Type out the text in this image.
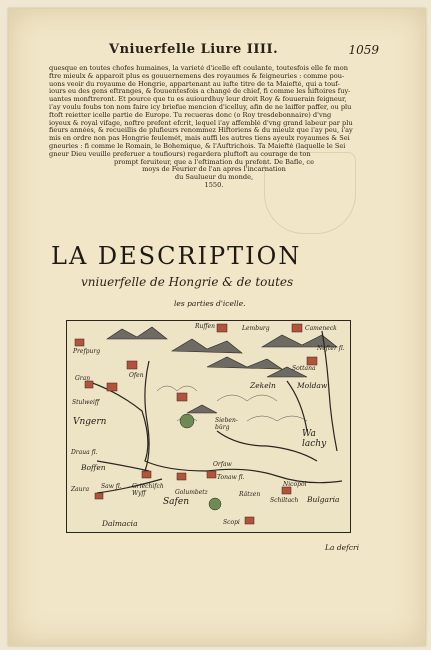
Vniuerfelle Liure IIII.	1059
quesque en toutes chofes humaines, la varieté d'icelle eft coulante, toutesfois elle fe mon
ftre mieulx & apparoit plus es gouuernemens des royaumes & feigneuries : comme pou-
uons veoir du royaume de Hongrie, appartenant au iufte titre de ta Maiefté, qui a touf-
iours eu des gens eftranges, & fouuentesfois a changé de chief, fi comme les hiftoires fuy-
uantes monftreront. Et pource que tu es auiourdhuy leur droit Roy & fouuerain feigneur,
i'ay voulu foubs ton nom faire icy briefue mencion d'icelluy, afin de ne laiffer paffer, ou plu
ftoft reietter icelle partie de Europe. Tu recueras donc (o Roy tresdebonnaire) d'vng
ioyeux & royal vifage, noftre prefent efcrit, lequel i'ay affemblé d'vng grand labeur par plu
fieurs années, & recueillis de plufieurs renommez Hiftoriens & du mieulz que i'ay peu, i'ay
mis en ordre non pas Hongrie feulemét, mais auffi les autres tiens ayeulx royaumes & Sei
gneuries : fi comme le Romain, le Bohemique, & l'Auftrichois. Ta Maiefté (laquelle le Sei
gneur Dieu veuille preferuer a toufiours) regardera pluftoft au courage de ton
prompt feruiteur, que a l'eftimation du prefent. De Bafle, ce
moys de Feurier de l'an apres l'incarnation
du Saulueur du monde,
1550.
LA DESCRIPTION
vniuerfelle de Hongrie & de toutes
les parties d'icelle.
Ruffen	Lemburg	Cameneck
Prefpurg	Nefter fl.
Sottana
Gran	Ofen
Stulweiff
Vngern
Zekeln	Moldaw
Sieben-
bürg
Wa
lachy
Draua fl.
Boffen	Orfaw
Tonaw fl.
Zaura Saw fl. Griechifch
Wyff	Golumbetz
Safen
Rätzen
Schiltach Bulgaria
Nicopol
Dalmacia	Scopi
La defcri
